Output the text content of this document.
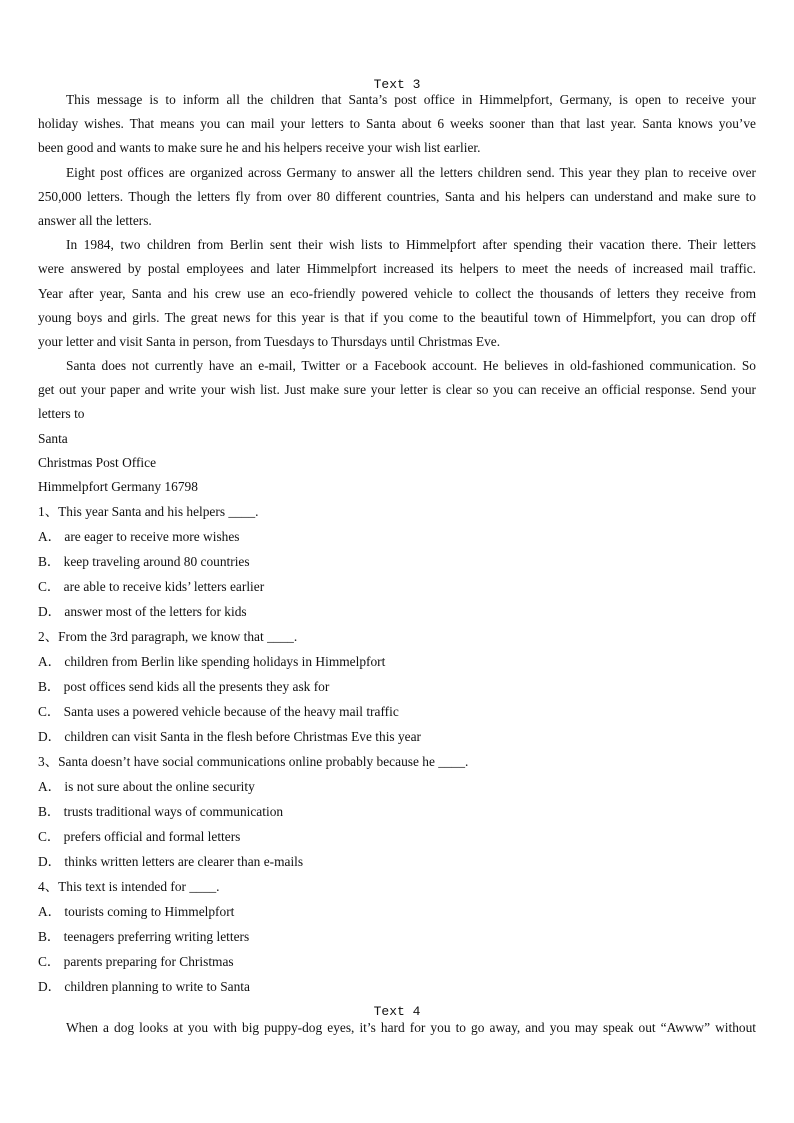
Text 3
This message is to inform all the children that Santa’s post office in Himmelpfort, Germany, is open to receive your
holiday wishes. That means you can mail your letters to Santa about 6 weeks sooner than that last year. Santa knows you’ve
been good and wants to make sure he and his helpers receive your wish list earlier.
Eight post offices are organized across Germany to answer all the letters children send. This year they plan to receive over
250,000 letters. Though the letters fly from over 80 different countries, Santa and his helpers can understand and make sure to
answer all the letters.
In 1984, two children from Berlin sent their wish lists to Himmelpfort after spending their vacation there. Their letters
were answered by postal employees and later Himmelpfort increased its helpers to meet the needs of increased mail traffic.
Year after year, Santa and his crew use an eco-friendly powered vehicle to collect the thousands of letters they receive from
young boys and girls. The great news for this year is that if you come to the beautiful town of Himmelpfort, you can drop off
your letter and visit Santa in person, from Tuesdays to Thursdays until Christmas Eve.
Santa does not currently have an e-mail, Twitter or a Facebook account. He believes in old-fashioned communication. So
get out your paper and write your wish list. Just make sure your letter is clear so you can receive an official response. Send your
letters to
Santa
Christmas Post Office
Himmelpfort Germany 16798
1、This year Santa and his helpers ____.
A． are eager to receive more wishes
B． keep traveling around 80 countries
C． are able to receive kids’ letters earlier
D． answer most of the letters for kids
2、From the 3rd paragraph, we know that ____.
A． children from Berlin like spending holidays in Himmelpfort
B． post offices send kids all the presents they ask for
C． Santa uses a powered vehicle because of the heavy mail traffic
D． children can visit Santa in the flesh before Christmas Eve this year
3、Santa doesn’t have social communications online probably because he ____.
A． is not sure about the online security
B． trusts traditional ways of communication
C． prefers official and formal letters
D． thinks written letters are clearer than e-mails
4、This text is intended for ____.
A． tourists coming to Himmelpfort
B． teenagers preferring writing letters
C． parents preparing for Christmas
D． children planning to write to Santa
Text 4
When a dog looks at you with big puppy-dog eyes, it’s hard for you to go away, and you may speak out “Awww” without
